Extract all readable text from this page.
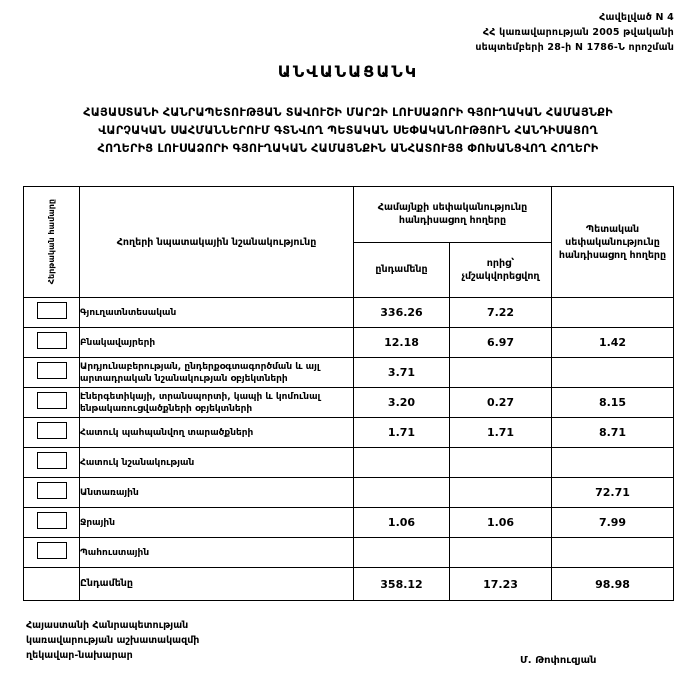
Հավելված N 4
ՀՀ կառավարության 2005 թվականի
սեպտեմբերի 28-ի N 1786-Ն որոշման
ԱՆՎԱՆԱՑԱՆԿ
ՀԱՅԱՍՏԱՆԻ ՀԱՆՐԱՊԵՏՈՒԹՅԱՆ ՏԱՎՈՒՇԻ ՄԱՐԶԻ ԼՈՒՍԱՁՈՐԻ ԳՅՈՒՂԱԿԱՆ ՀԱՄԱՅՆՔԻ
ՎԱՐՉԱԿԱՆ ՍԱՀՄԱՆՆԵՐՈՒՄ ԳՏՆՎՈՂ ՊԵՏԱԿԱՆ ՍԵՓԱԿԱՆՈՒԹՅՈՒՆ ՀԱՆԴԻՍԱՑՈՂ
ՀՈՂԵՐԻՑ ԼՈՒՍԱՁՈՐԻ ԳՅՈՒՂԱԿԱՆ ՀԱՄԱՅՆՔԻՆ ԱՆՀԱՏՈՒՅՑ ՓՈԽԱՆՑՎՈՂ ՀՈՂԵՐԻ
Հերթական համարը	Հողերի նպատակային նշանակությունը	Համայնքի սեփականությունը հանդիսացող հողերը		Պետական սեփականությունը հանդիսացող հողերը
		ընդամենը	որից՝ չմշակվորեցվող	
	Գյուղատնտեսական	336.26	7.22	
	Բնակավայրերի	12.18	6.97	1.42
	Արդյունաբերության, ընդերքօգտագործման և այլ արտադրական նշանակության օբյեկտների	3.71		
	Էներգետիկայի, տրանսպորտի, կապի և կոմունալ ենթակառուցվածքների օբյեկտների	3.20	0.27	8.15
	Հատուկ պահպանվող տարածքների	1.71	1.71	8.71
	Հատուկ նշանակության			
	Անտառային			72.71
	Ջրային	1.06	1.06	7.99
	Պահուստային			
	Ընդամենը	358.12	17.23	98.98
Հայաստանի Հանրապետության
կառավարության աշխատակազմի
ղեկավար-նախարար	Մ. Թոփուզյան
